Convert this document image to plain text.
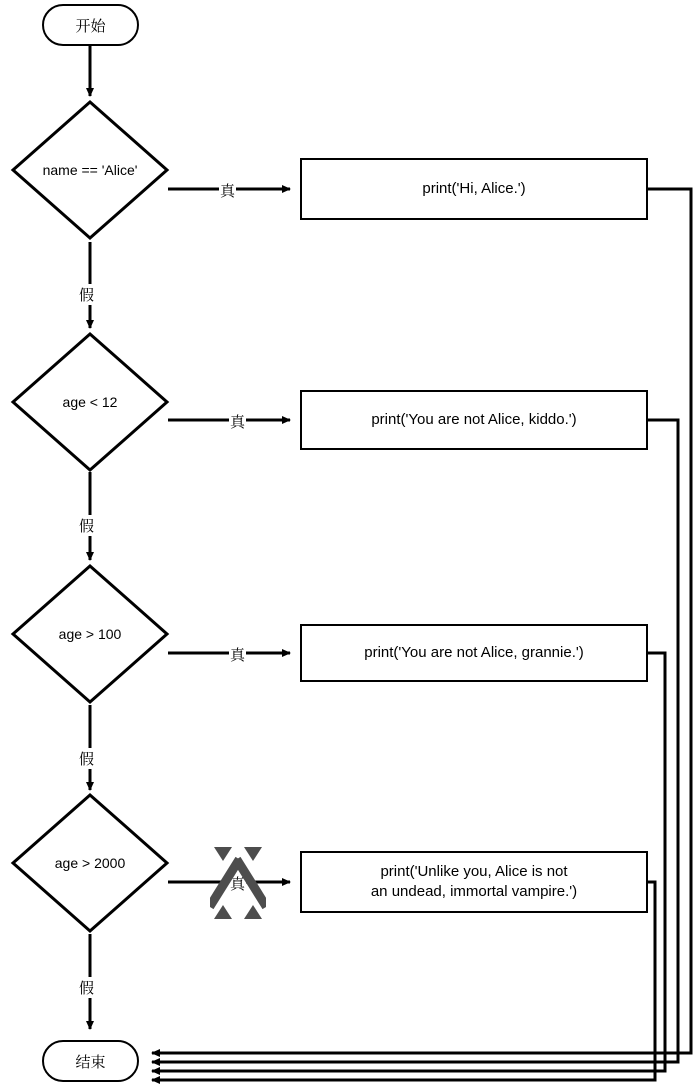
开始
name == 'Alice'
age < 12
age > 100
age > 2000
print('Hi, Alice.')
print('You are not Alice, kiddo.')
print('You are not Alice, grannie.')
print('Unlike you, Alice is not
an undead, immortal vampire.')
结束
真
假
真
假
真
假
真
假
